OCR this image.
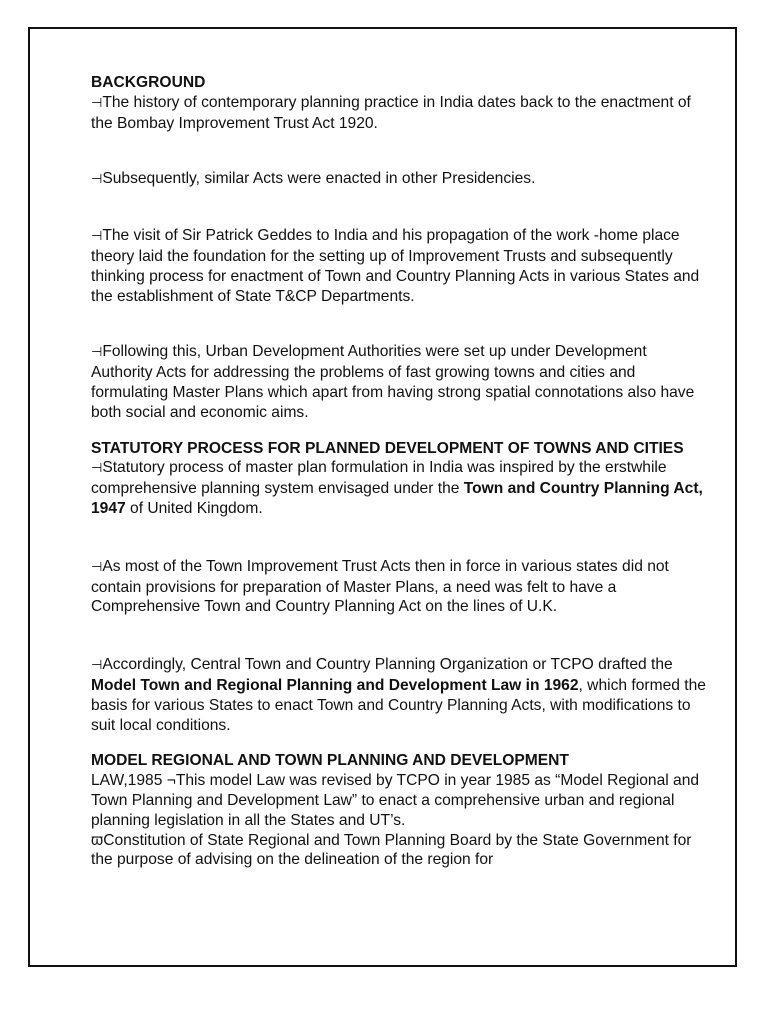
BACKGROUND

⊣The history of contemporary planning practice in India dates back to the enactment of the Bombay Improvement Trust Act 1920.

⊣Subsequently, similar Acts were enacted in other Presidencies.

⊣The visit of Sir Patrick Geddes to India and his propagation of the work -home place theory laid the foundation for the setting up of Improvement Trusts and subsequently thinking process for enactment of Town and Country Planning Acts in various States and the establishment of State T&CP Departments.

⊣Following this, Urban Development Authorities were set up under Development Authority Acts for addressing the problems of fast growing towns and cities and formulating Master Plans which apart from having strong spatial connotations also have both social and economic aims.

STATUTORY PROCESS FOR PLANNED DEVELOPMENT OF TOWNS AND CITIES

⊣Statutory process of master plan formulation in India was inspired by the erstwhile comprehensive planning system envisaged under the Town and Country Planning Act, 1947 of United Kingdom.

⊣As most of the Town Improvement Trust Acts then in force in various states did not contain provisions for preparation of Master Plans, a need was felt to have a Comprehensive Town and Country Planning Act on the lines of U.K.

⊣Accordingly, Central Town and Country Planning Organization or TCPO drafted the Model Town and Regional Planning and Development Law in 1962, which formed the basis for various States to enact Town and Country Planning Acts, with modifications to suit local conditions.

MODEL REGIONAL AND TOWN PLANNING AND DEVELOPMENT

LAW,1985 ¬This model Law was revised by TCPO in year 1985 as “Model Regional and Town Planning and Development Law” to enact a comprehensive urban and regional planning legislation in all the States and UT’s.

ϖConstitution of State Regional and Town Planning Board by the State Government for the purpose of advising on the delineation of the region for
